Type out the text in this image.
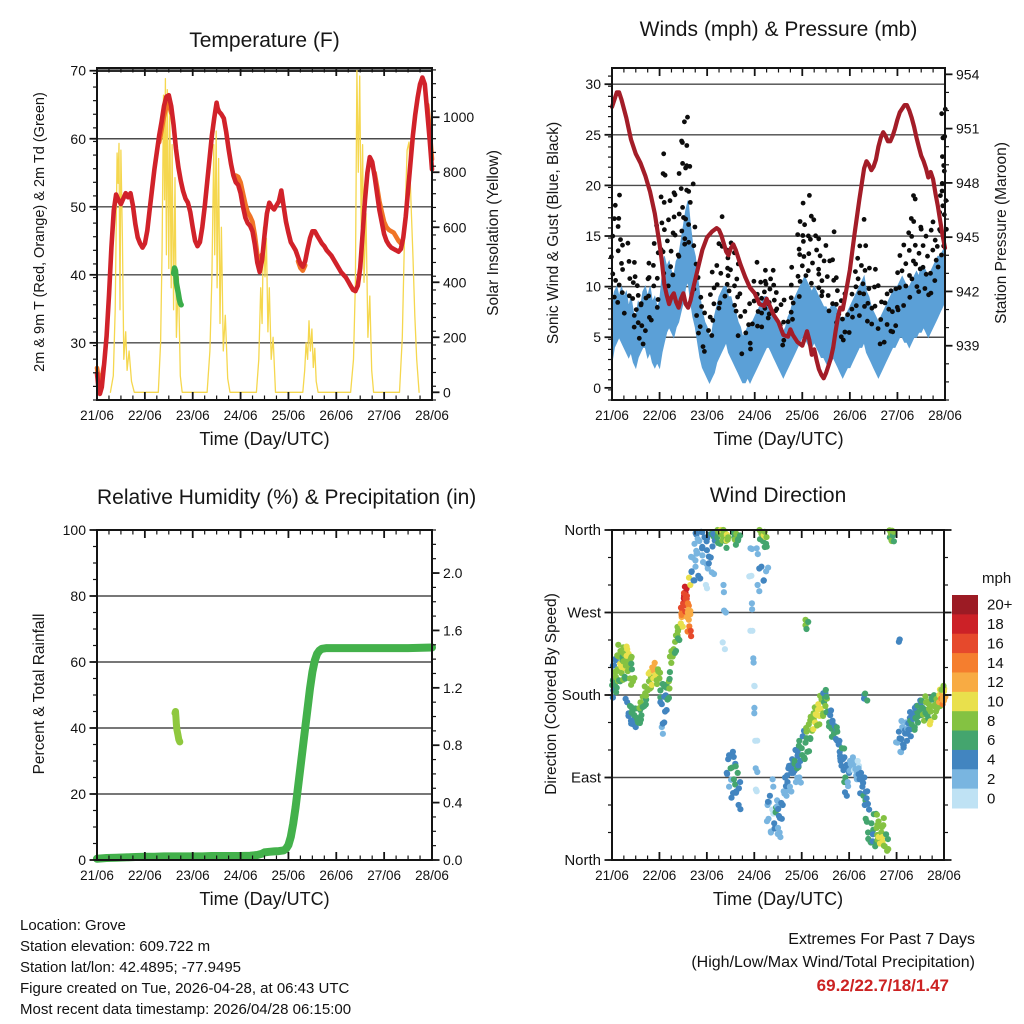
21/06 22/06 23/06 24/06 25/06 26/06 27/06 28/06
30
40
50
60
70
0
200
400
600
800
1000
21/06 22/06 23/06 24/06 25/06 26/06 27/06 28/06
0
5
10
15
20
25
30
939
942
945
948
951
954
21/06 22/06 23/06 24/06 25/06 26/06 27/06 28/06
0
20
40
60
80
100
0.0
0.4
0.8
1.2
1.6
2.0
21/06 22/06 23/06 24/06 25/06 26/06 27/06 28/06
North
East
South
West
North
20+
18
16
14
12
10
8
6
4
2
0
Temperature (F)	Winds (mph) & Pressure (mb)
Relative Humidity (%) & Precipitation (in)	Wind Direction
Time (Day/UTC)	Time (Day/UTC)
Time (Day/UTC)	Time (Day/UTC)
2m & 9m T (Red, Orange) & 2m Td (Green)	Solar Insolation (Yellow)	Sonic Wind & Gust (Blue, Black)	Station Pressure (Maroon)
Percent & Total Rainfall	Direction (Colored By Speed)
mph
Location: Grove
Station elevation: 609.722 m
Station lat/lon: 42.4895; -77.9495
Figure created on Tue, 2026-04-28, at 06:43 UTC
Most recent data timestamp: 2026/04/28 06:15:00
Extremes For Past 7 Days
(High/Low/Max Wind/Total Precipitation)
69.2/22.7/18/1.47
